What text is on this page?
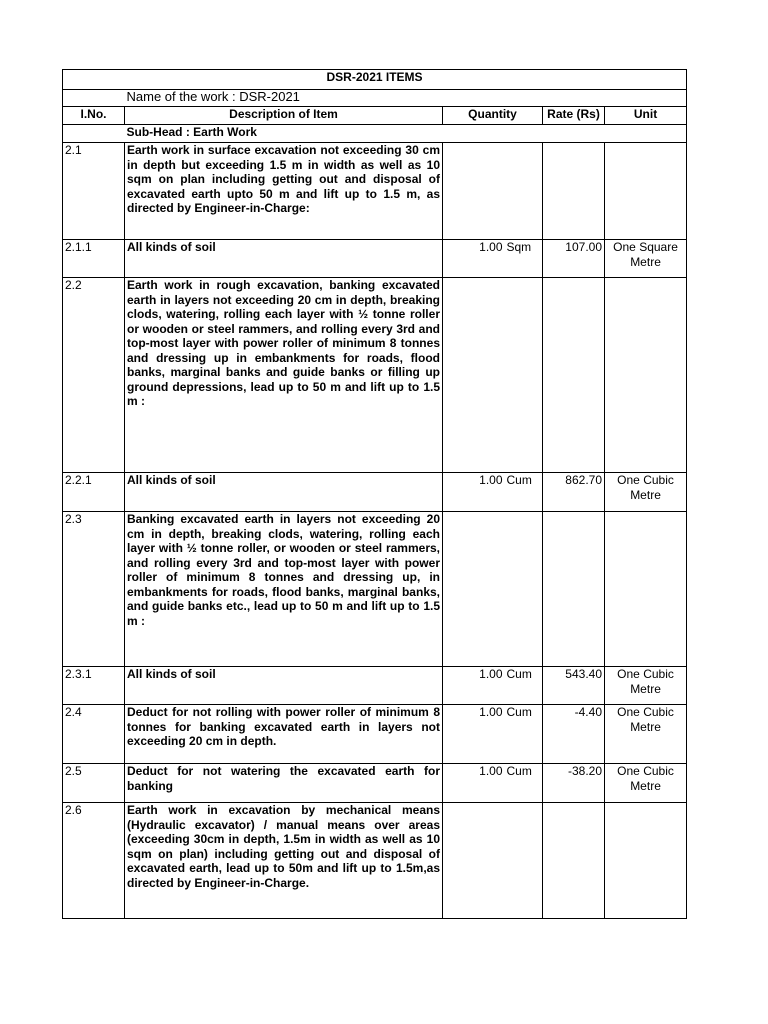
DSR-2021 ITEMS					
	Name of the work : DSR-2021				
I.No.	Description of Item	Quantity		Rate (Rs)	Unit
	Sub-Head : Earth Work				
2.1	Earth work in surface excavation not exceeding 30 cm in depth but exceeding 1.5 m in width as well as 10 sqm on plan including getting out and disposal of excavated earth upto 50 m and lift up to 1.5 m, as directed by Engineer-in-Charge:				
2.1.1	All kinds of soil	1.00	Sqm	107.00	One Square Metre
2.2	Earth work in rough excavation, banking excavated earth in layers not exceeding 20 cm in depth, breaking clods, watering, rolling each layer with ½ tonne roller or wooden or steel rammers, and rolling every 3rd and top-most layer with power roller of minimum 8 tonnes and dressing up in embankments for roads, flood banks, marginal banks and guide banks or filling up ground depressions, lead up to 50 m and lift up to 1.5 m :				
2.2.1	All kinds of soil	1.00	Cum	862.70	One Cubic Metre
2.3	Banking excavated earth in layers not exceeding 20 cm in depth, breaking clods, watering, rolling each layer with ½ tonne roller, or wooden or steel rammers, and rolling every 3rd and top-most layer with power roller of minimum 8 tonnes and dressing up, in embankments for roads, flood banks, marginal banks, and guide banks etc., lead up to 50 m and lift up to 1.5 m :				
2.3.1	All kinds of soil	1.00	Cum	543.40	One Cubic Metre
2.4	Deduct for not rolling with power roller of minimum 8 tonnes for banking excavated earth in layers not exceeding 20 cm in depth.	1.00	Cum	-4.40	One Cubic Metre
2.5	Deduct for not watering the excavated earth for banking	1.00	Cum	-38.20	One Cubic Metre
2.6	Earth work in excavation by mechanical means (Hydraulic excavator) / manual means over areas (exceeding 30cm in depth, 1.5m in width as well as 10 sqm on plan) including getting out and disposal of excavated earth, lead up to 50m and lift up to 1.5m,as directed by Engineer-in-Charge.				
